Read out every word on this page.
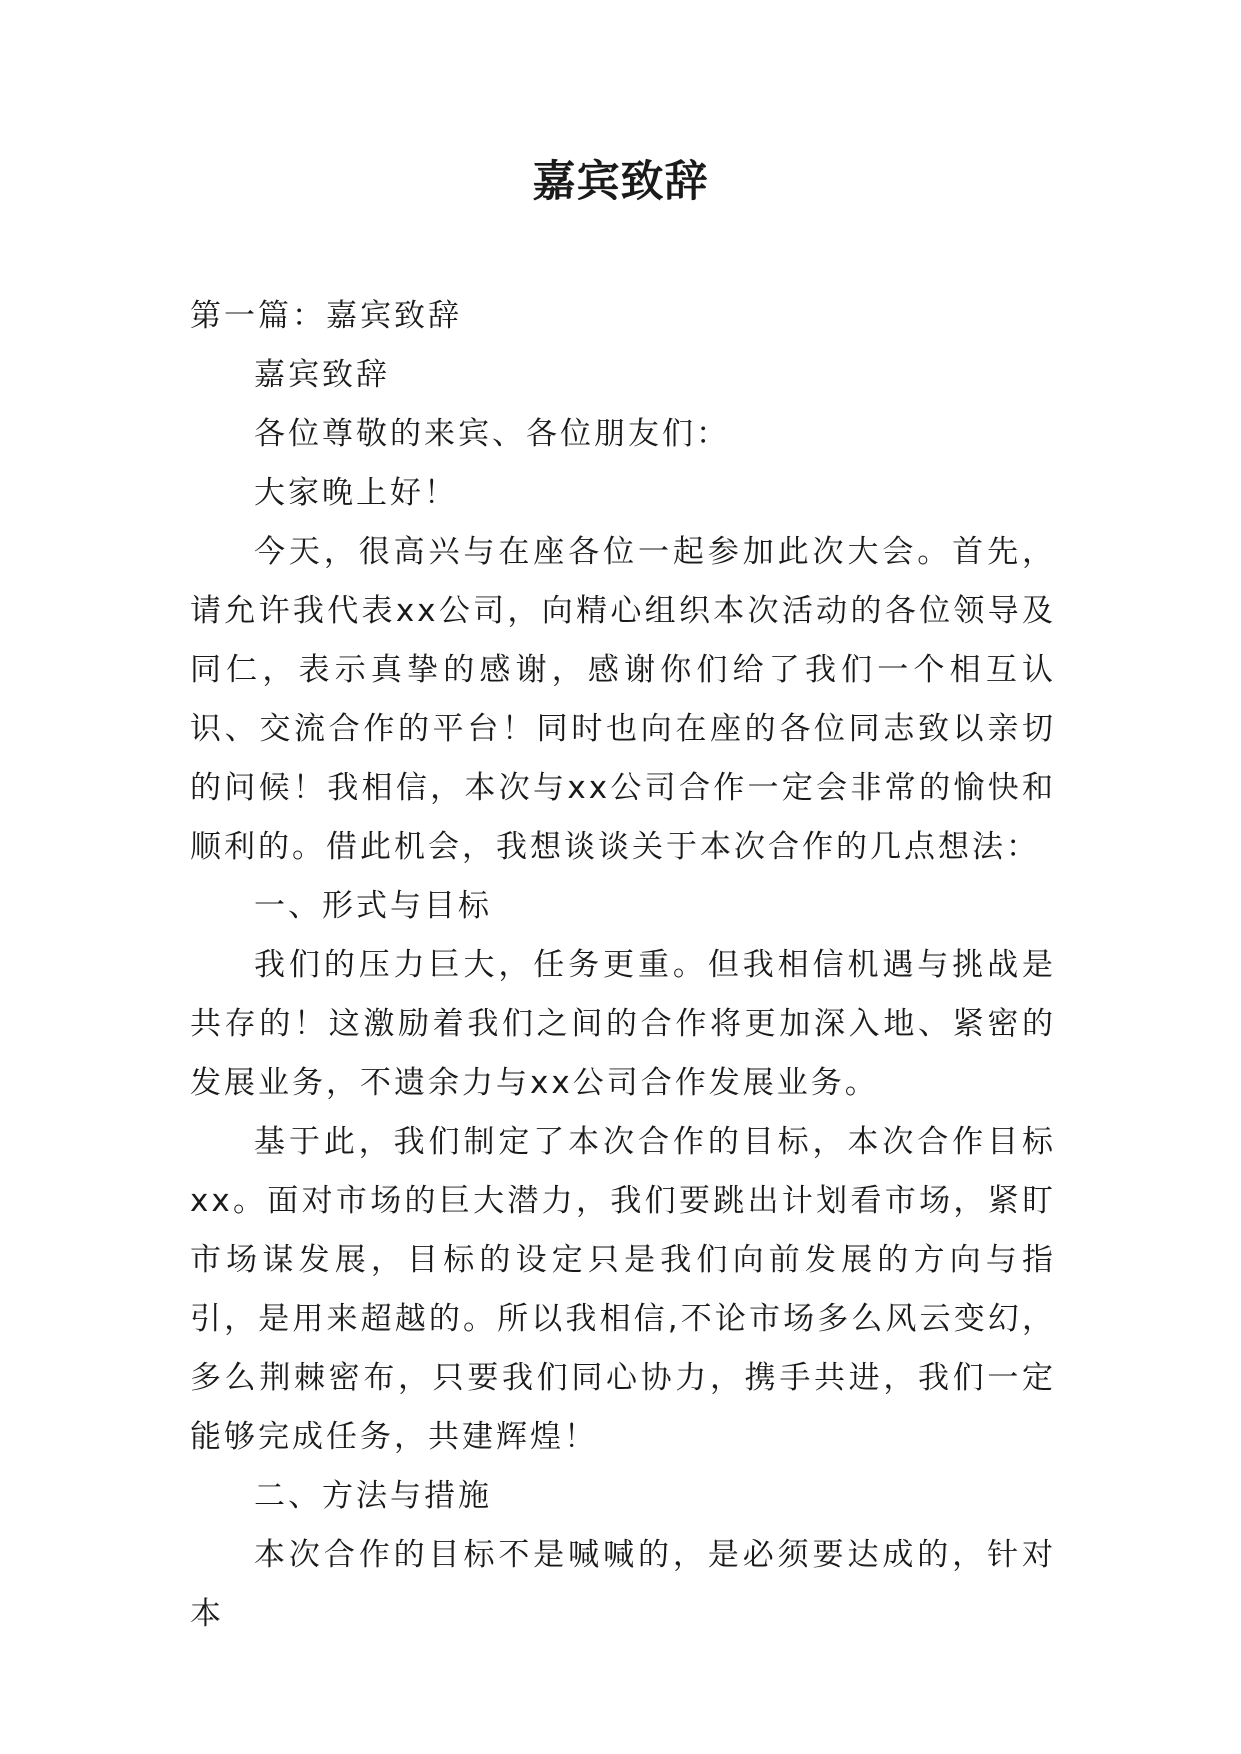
嘉宾致辞

第一篇：嘉宾致辞

嘉宾致辞

各位尊敬的来宾、各位朋友们：

大家晚上好！

今天，很高兴与在座各位一起参加此次大会。首先，请允许我代表xx公司，向精心组织本次活动的各位领导及同仁，表示真挚的感谢，感谢你们给了我们一个相互认识、交流合作的平台！同时也向在座的各位同志致以亲切的问候！我相信，本次与xx公司合作一定会非常的愉快和顺利的。借此机会，我想谈谈关于本次合作的几点想法：

一、形式与目标

我们的压力巨大，任务更重。但我相信机遇与挑战是共存的！这激励着我们之间的合作将更加深入地、紧密的发展业务，不遗余力与xx公司合作发展业务。

基于此，我们制定了本次合作的目标，本次合作目标xx。面对市场的巨大潜力，我们要跳出计划看市场，紧盯市场谋发展，目标的设定只是我们向前发展的方向与指引，是用来超越的。所以我相信,不论市场多么风云变幻，多么荆棘密布，只要我们同心协力，携手共进，我们一定能够完成任务，共建辉煌！

二、方法与措施

本次合作的目标不是喊喊的，是必须要达成的，针对本
